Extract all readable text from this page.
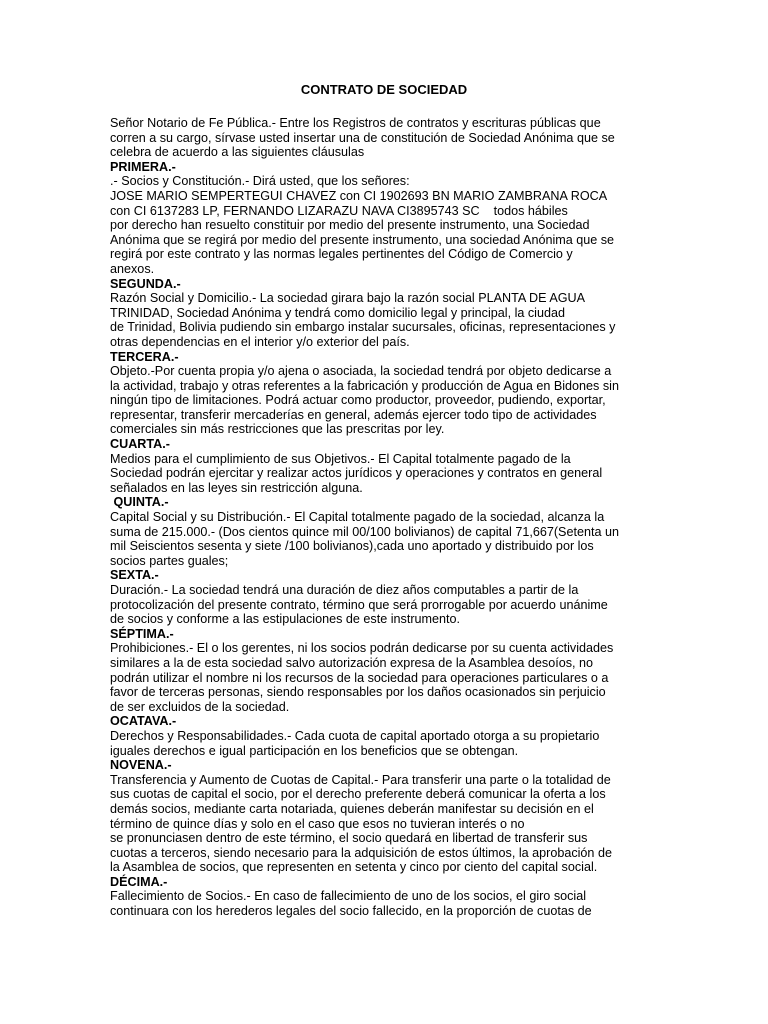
CONTRATO DE SOCIEDAD
Señor Notario de Fe Pública.- Entre los Registros de contratos y escrituras públicas que
corren a su cargo, sírvase usted insertar una de constitución de Sociedad Anónima que se
celebra de acuerdo a las siguientes cláusulas
PRIMERA.-
.- Socios y Constitución.- Dirá usted, que los señores:
JOSE MARIO SEMPERTEGUI CHAVEZ con CI 1902693 BN MARIO ZAMBRANA ROCA
con CI 6137283 LP, FERNANDO LIZARAZU NAVA CI3895743 SC    todos hábiles
por derecho han resuelto constituir por medio del presente instrumento, una Sociedad
Anónima que se regirá por medio del presente instrumento, una sociedad Anónima que se
regirá por este contrato y las normas legales pertinentes del Código de Comercio y
anexos.
SEGUNDA.-
Razón Social y Domicilio.- La sociedad girara bajo la razón social PLANTA DE AGUA
TRINIDAD, Sociedad Anónima y tendrá como domicilio legal y principal, la ciudad
de Trinidad, Bolivia pudiendo sin embargo instalar sucursales, oficinas, representaciones y
otras dependencias en el interior y/o exterior del país.
TERCERA.-
Objeto.-Por cuenta propia y/o ajena o asociada, la sociedad tendrá por objeto dedicarse a
la actividad, trabajo y otras referentes a la fabricación y producción de Agua en Bidones sin
ningún tipo de limitaciones. Podrá actuar como productor, proveedor, pudiendo, exportar,
representar, transferir mercaderías en general, además ejercer todo tipo de actividades
comerciales sin más restricciones que las prescritas por ley.
CUARTA.-
Medios para el cumplimiento de sus Objetivos.- El Capital totalmente pagado de la
Sociedad podrán ejercitar y realizar actos jurídicos y operaciones y contratos en general
señalados en las leyes sin restricción alguna.
QUINTA.-
Capital Social y su Distribución.- El Capital totalmente pagado de la sociedad, alcanza la
suma de 215.000.- (Dos cientos quince mil 00/100 bolivianos) de capital 71,667(Setenta un
mil Seiscientos sesenta y siete /100 bolivianos),cada uno aportado y distribuido por los
socios partes guales;
SEXTA.-
Duración.- La sociedad tendrá una duración de diez años computables a partir de la
protocolización del presente contrato, término que será prorrogable por acuerdo unánime
de socios y conforme a las estipulaciones de este instrumento.
SÉPTIMA.-
Prohibiciones.- El o los gerentes, ni los socios podrán dedicarse por su cuenta actividades
similares a la de esta sociedad salvo autorización expresa de la Asamblea desoíos, no
podrán utilizar el nombre ni los recursos de la sociedad para operaciones particulares o a
favor de terceras personas, siendo responsables por los daños ocasionados sin perjuicio
de ser excluidos de la sociedad.
OCATAVA.-
Derechos y Responsabilidades.- Cada cuota de capital aportado otorga a su propietario
iguales derechos e igual participación en los beneficios que se obtengan.
NOVENA.-
Transferencia y Aumento de Cuotas de Capital.- Para transferir una parte o la totalidad de
sus cuotas de capital el socio, por el derecho preferente deberá comunicar la oferta a los
demás socios, mediante carta notariada, quienes deberán manifestar su decisión en el
término de quince días y solo en el caso que esos no tuvieran interés o no
se pronunciasen dentro de este término, el socio quedará en libertad de transferir sus
cuotas a terceros, siendo necesario para la adquisición de estos últimos, la aprobación de
la Asamblea de socios, que representen en setenta y cinco por ciento del capital social.
DÉCIMA.-
Fallecimiento de Socios.- En caso de fallecimiento de uno de los socios, el giro social
continuara con los herederos legales del socio fallecido, en la proporción de cuotas de
